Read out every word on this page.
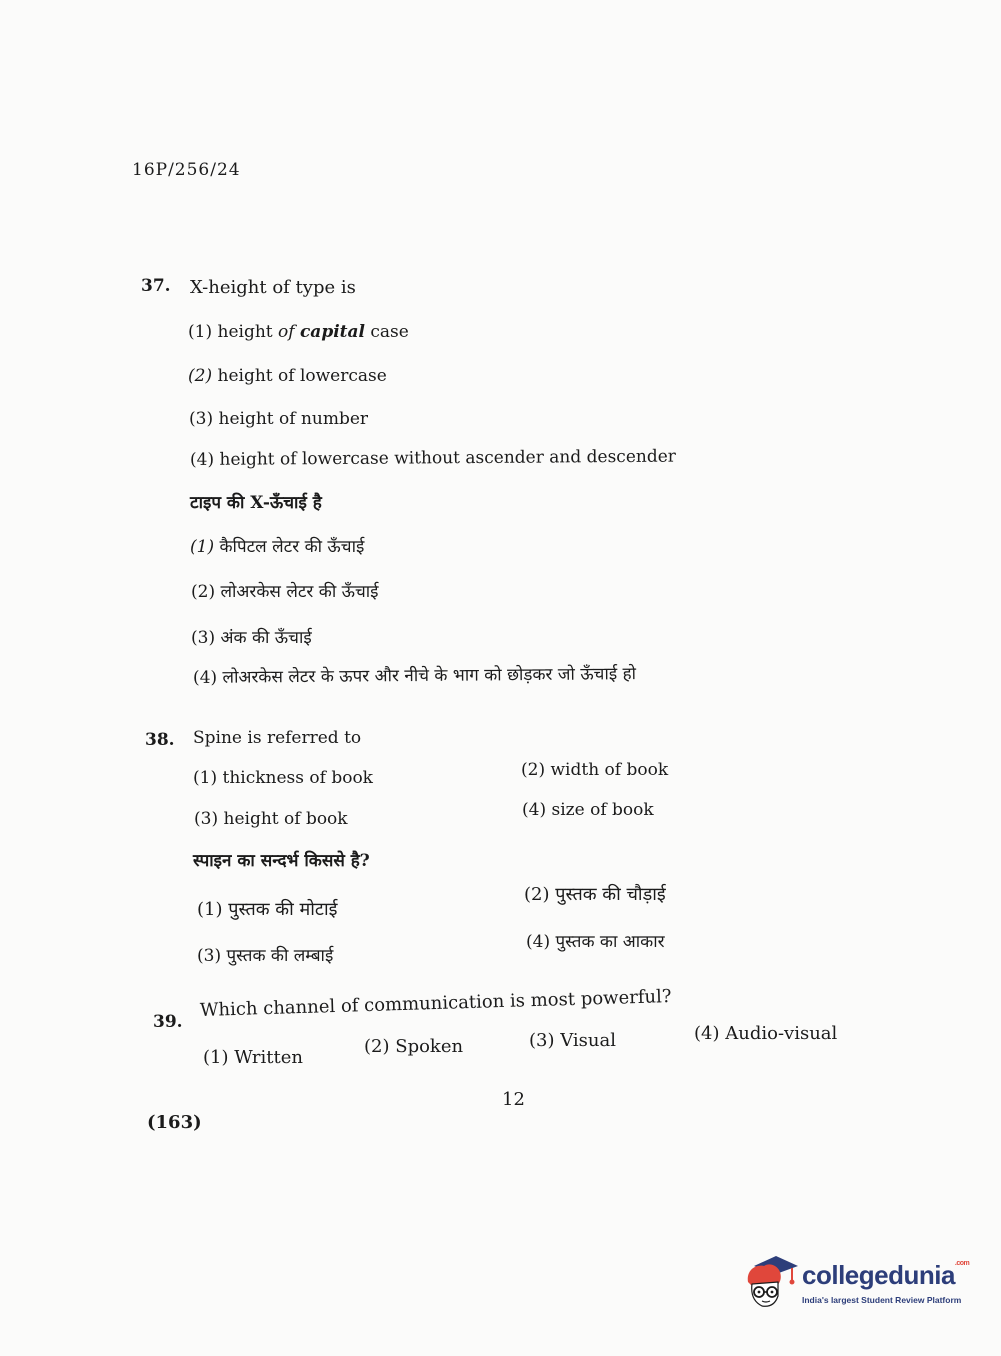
16P/256/24
37. X-height of type is
(1) height of capital case
(2) height of lowercase
(3) height of number
(4) height of lowercase without ascender and descender
टाइप की X-ऊँचाई है
(1) कैपिटल लेटर की ऊँचाई
(2) लोअरकेस लेटर की ऊँचाई
(3) अंक की ऊँचाई
(4) लोअरकेस लेटर के ऊपर और नीचे के भाग को छोड़कर जो ऊँचाई हो
38. Spine is referred to
(1) thickness of book	(2) width of book
(3) height of book	(4) size of book
स्पाइन का सन्दर्भ किससे है?
(1) पुस्तक की मोटाई
(2) पुस्तक की चौड़ाई
(3) पुस्तक की लम्बाई
(4) पुस्तक का आकार
39.
Which channel of communication is most powerful?
(1) Written
(2) Spoken	(3) Visual	(4) Audio-visual
12
(163)
collegedunia$^{.com}$
India's largest Student Review Platform
